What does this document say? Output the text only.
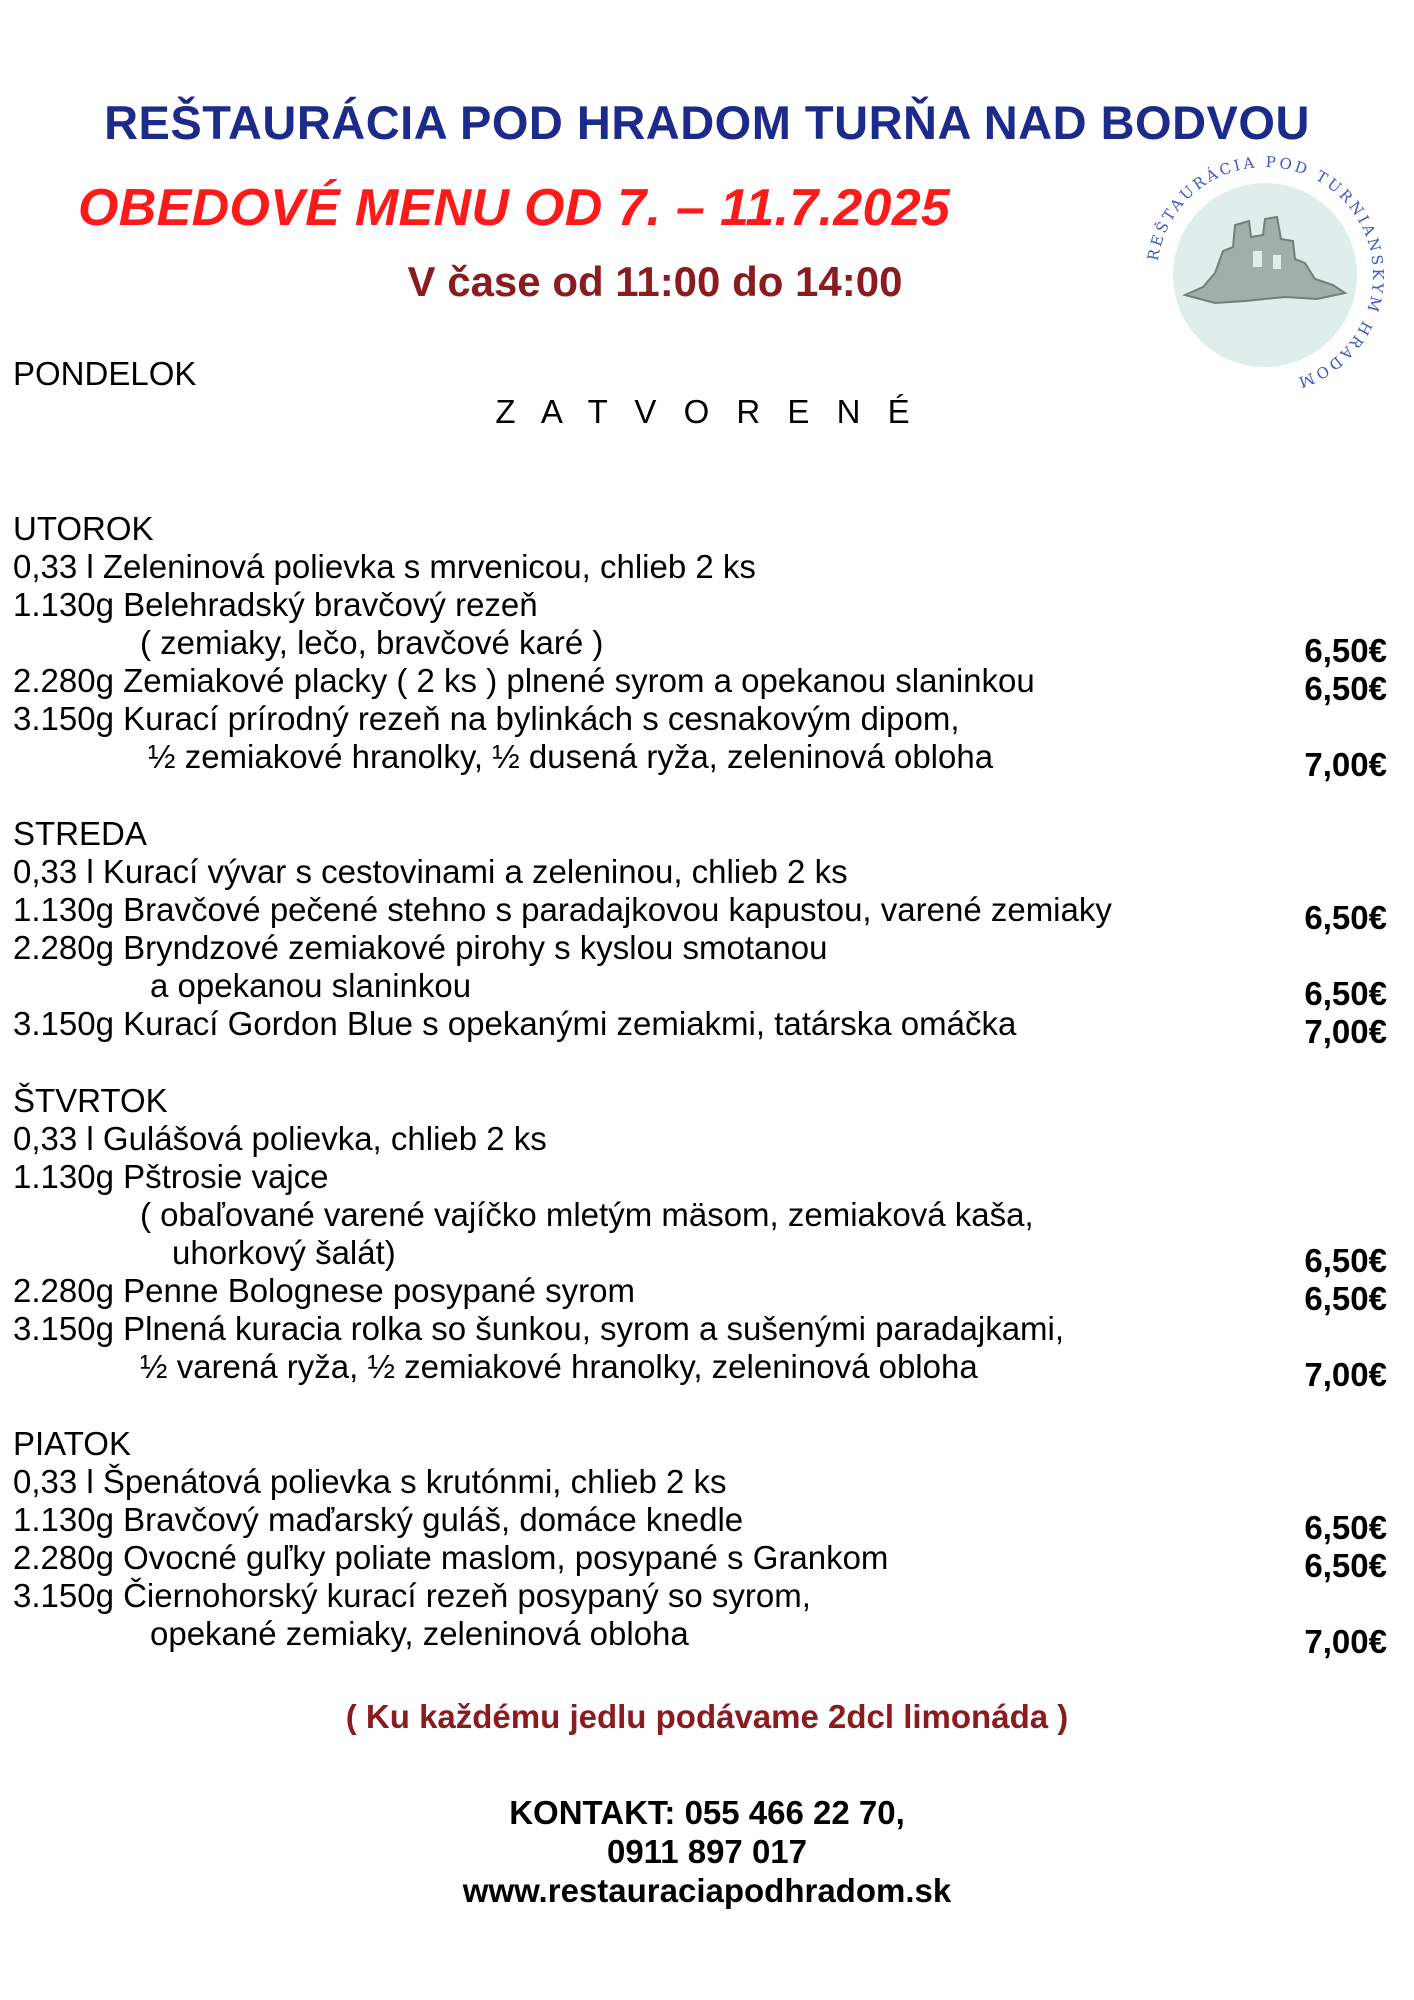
REŠTAURÁCIA POD HRADOM TURŇA NAD BODVOU
OBEDOVÉ MENU OD 7. – 11.7.2025
V čase od 11:00 do 14:00
REŠTAURÁCIA POD TURNIANS YM HRADOM
PONDELOK
Z A T V O R E N É
UTOROK
0,33 l Zeleninová polievka s mrvenicou, chlieb 2 ks
1.130g Belehradský bravčový rezeň
( zemiaky, lečo, bravčové karé )	6,50€
2.280g Zemiakové placky ( 2 ks ) plnené syrom a opekanou slaninkou	6,50€
3.150g Kurací prírodný rezeň na bylinkách s cesnakovým dipom,
½ zemiakové hranolky, ½ dusená ryža, zeleninová obloha	7,00€
STREDA
0,33 l Kurací vývar s cestovinami a zeleninou, chlieb 2 ks
1.130g Bravčové pečené stehno s paradajkovou kapustou, varené zemiaky	6,50€
2.280g Bryndzové zemiakové pirohy s kyslou smotanou
a opekanou slaninkou	6,50€
3.150g Kurací Gordon Blue s opekanými zemiakmi, tatárska omáčka	7,00€
ŠTVRTOK
0,33 l Gulášová polievka, chlieb 2 ks
1.130g Pštrosie vajce
( obaľované varené vajíčko mletým mäsom, zemiaková kaša,
uhorkový šalát)	6,50€
2.280g Penne Bolognese posypané syrom	6,50€
3.150g Plnená kuracia rolka so šunkou, syrom a sušenými paradajkami,
½ varená ryža, ½ zemiakové hranolky, zeleninová obloha	7,00€
PIATOK
0,33 l Špenátová polievka s krutónmi, chlieb 2 ks
1.130g Bravčový maďarský guláš, domáce knedle	6,50€
2.280g Ovocné guľky poliate maslom, posypané s Grankom	6,50€
3.150g Čiernohorský kurací rezeň posypaný so syrom,
opekané zemiaky, zeleninová obloha	7,00€
( Ku každému jedlu podávame 2dcl limonáda )
KONTAKT: 055 466 22 70,
0911 897 017
www.restauraciapodhradom.sk
